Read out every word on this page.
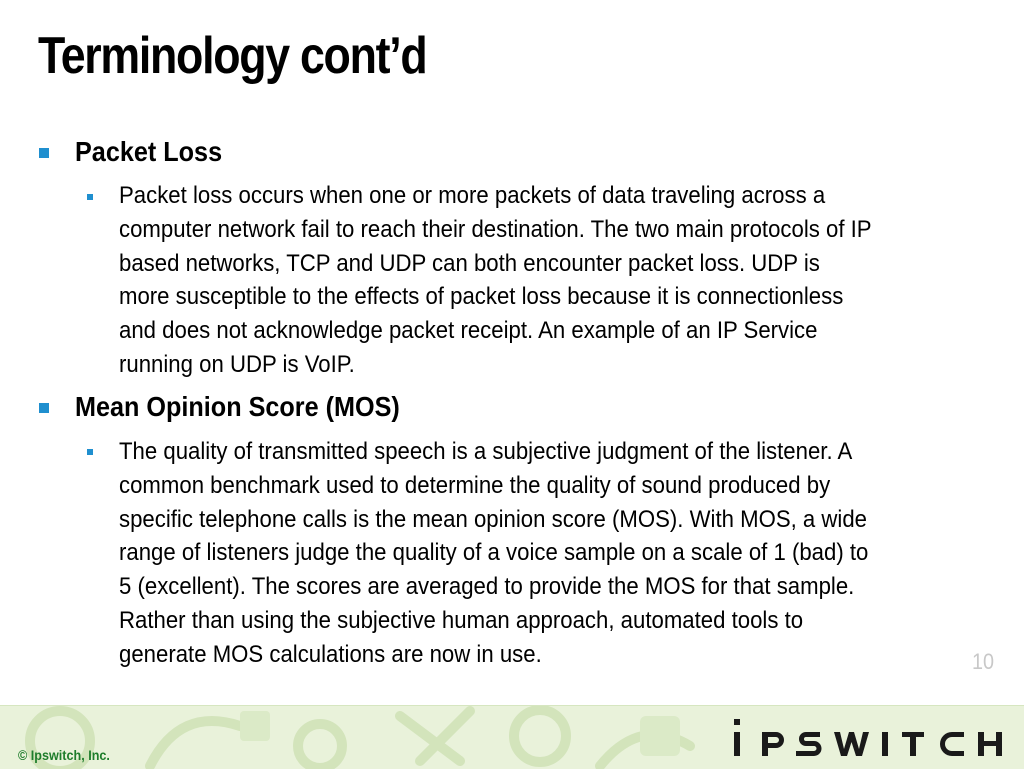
Terminology cont’d
Packet Loss
Packet loss occurs when one or more packets of data traveling across a
computer network fail to reach their destination. The two main protocols of IP
based networks, TCP and UDP can both encounter packet loss. UDP is
more susceptible to the effects of packet loss because it is connectionless
and does not acknowledge packet receipt. An example of an IP Service
running on UDP is VoIP.
Mean Opinion Score (MOS)
The quality of transmitted speech is a subjective judgment of the listener. A
common benchmark used to determine the quality of sound produced by
specific telephone calls is the mean opinion score (MOS). With MOS, a wide
range of listeners judge the quality of a voice sample on a scale of 1 (bad) to
5 (excellent). The scores are averaged to provide the MOS for that sample.
Rather than using the subjective human approach, automated tools to
generate MOS calculations are now in use.	10
© Ipswitch, Inc.
